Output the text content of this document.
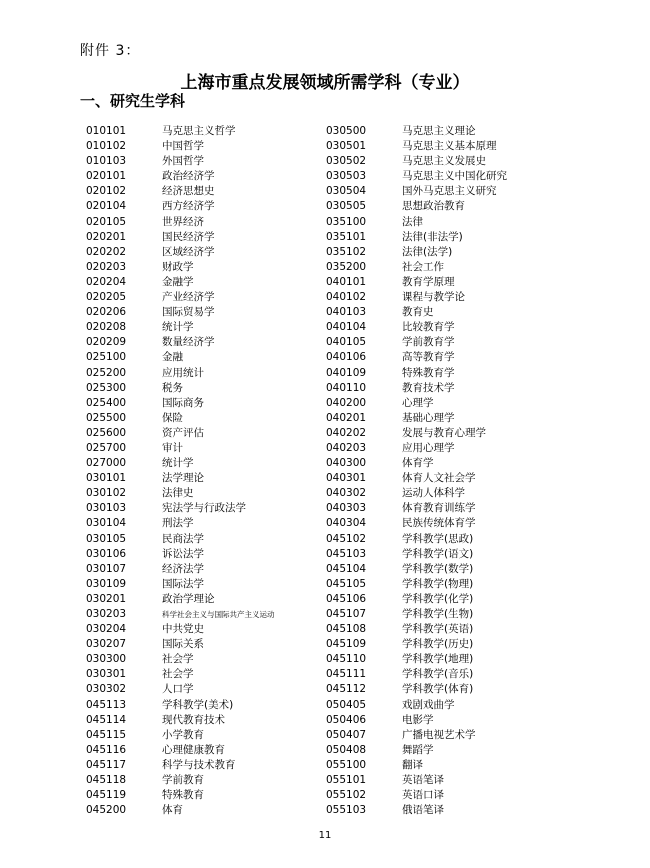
附件 3：
上海市重点发展领域所需学科（专业）
一、研究生学科
010101	马克思主义哲学
010102	中国哲学
010103	外国哲学
020101	政治经济学
020102	经济思想史
020104	西方经济学
020105	世界经济
020201	国民经济学
020202	区域经济学
020203	财政学
020204	金融学
020205	产业经济学
020206	国际贸易学
020208	统计学
020209	数量经济学
025100	金融
025200	应用统计
025300	税务
025400	国际商务
025500	保险
025600	资产评估
025700	审计
027000	统计学
030101	法学理论
030102	法律史
030103	宪法学与行政法学
030104	刑法学
030105	民商法学
030106	诉讼法学
030107	经济法学
030109	国际法学
030201	政治学理论
030203	科学社会主义与国际共产主义运动
030204	中共党史
030207	国际关系
030300	社会学
030301	社会学
030302	人口学
045113	学科教学(美术)
045114	现代教育技术
045115	小学教育
045116	心理健康教育
045117	科学与技术教育
045118	学前教育
045119	特殊教育
045200	体育
030500	马克思主义理论
030501	马克思主义基本原理
030502	马克思主义发展史
030503	马克思主义中国化研究
030504	国外马克思主义研究
030505	思想政治教育
035100	法律
035101	法律(非法学)
035102	法律(法学)
035200	社会工作
040101	教育学原理
040102	课程与教学论
040103	教育史
040104	比较教育学
040105	学前教育学
040106	高等教育学
040109	特殊教育学
040110	教育技术学
040200	心理学
040201	基础心理学
040202	发展与教育心理学
040203	应用心理学
040300	体育学
040301	体育人文社会学
040302	运动人体科学
040303	体育教育训练学
040304	民族传统体育学
045102	学科教学(思政)
045103	学科教学(语文)
045104	学科教学(数学)
045105	学科教学(物理)
045106	学科教学(化学)
045107	学科教学(生物)
045108	学科教学(英语)
045109	学科教学(历史)
045110	学科教学(地理)
045111	学科教学(音乐)
045112	学科教学(体育)
050405	戏剧戏曲学
050406	电影学
050407	广播电视艺术学
050408	舞蹈学
055100	翻译
055101	英语笔译
055102	英语口译
055103	俄语笔译
11
